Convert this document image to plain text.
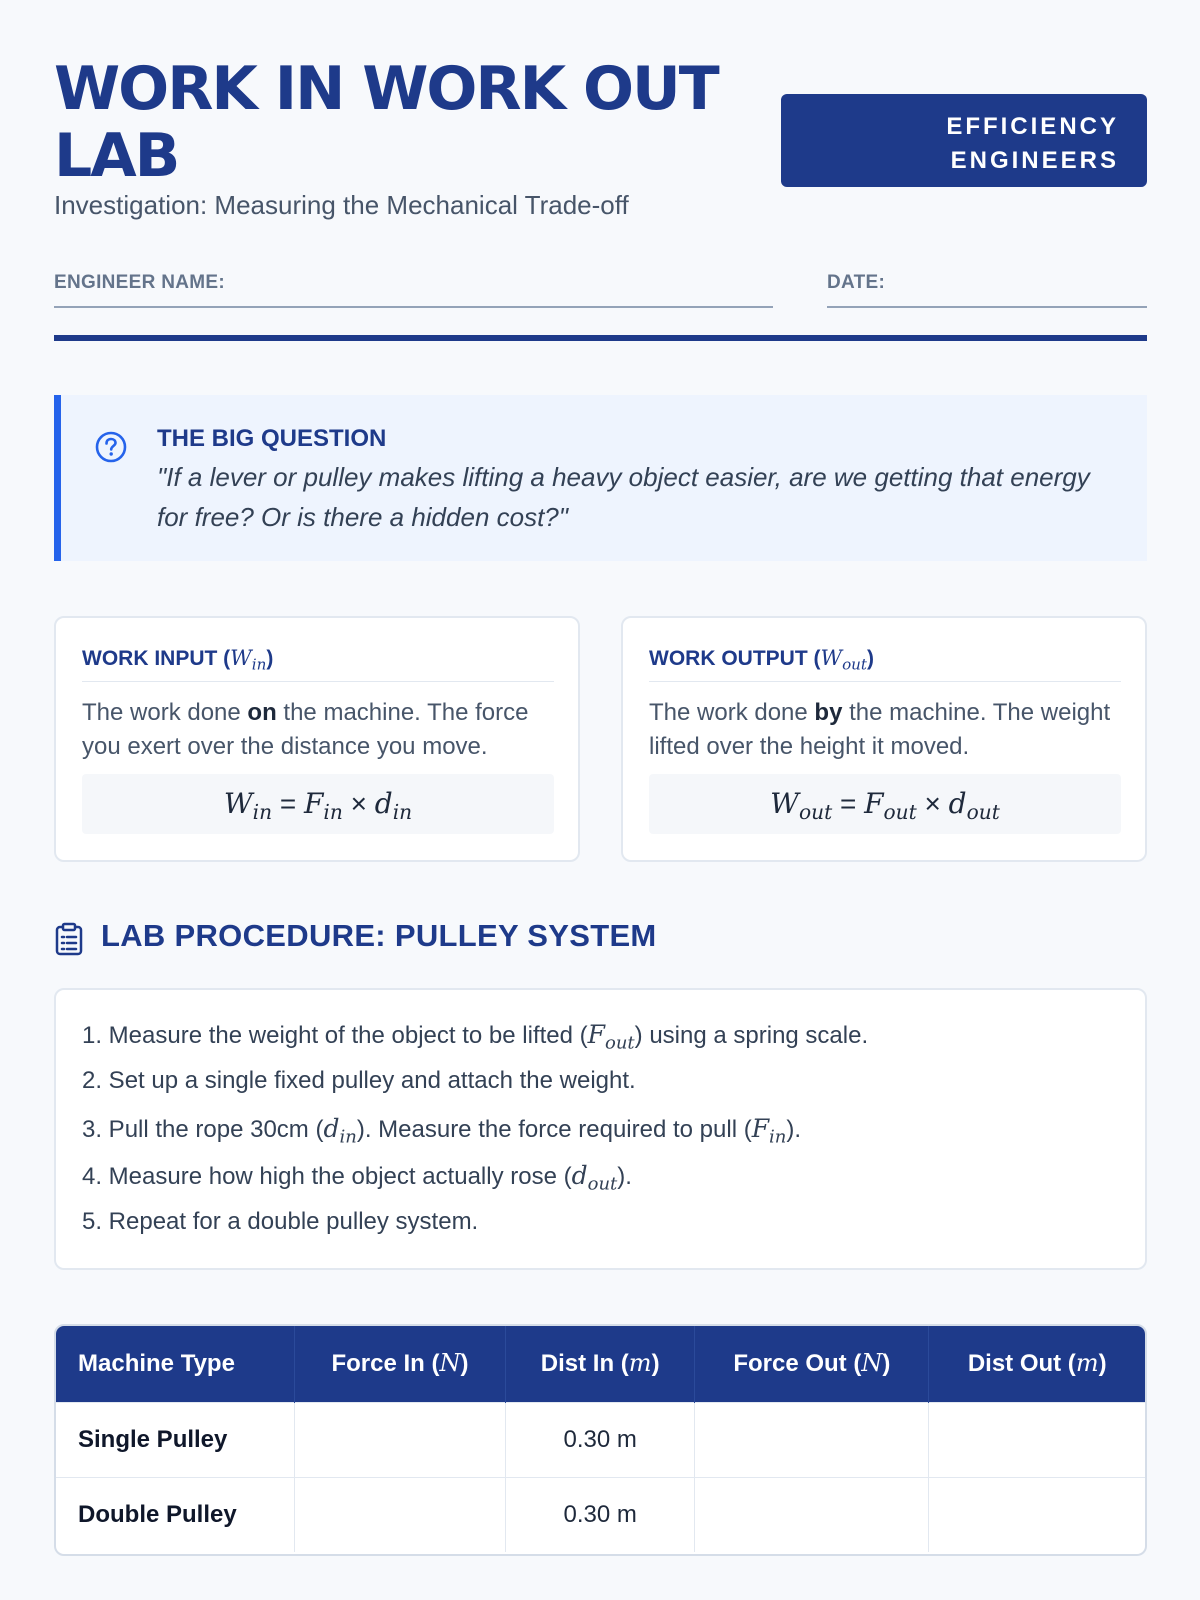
WORK IN WORK OUT LAB
Investigation: Measuring the Mechanical Trade-off
EFFICIENCY
ENGINEERS
ENGINEER NAME:	DATE:
THE BIG QUESTION
"If a lever or pulley makes lifting a heavy object easier, are we getting that energy for free? Or is there a hidden cost?"
WORK INPUT $(W_{in})$
The work done on the machine. The force you exert over the distance you move.
$W_{in} = F_{in} \times d_{in}$
WORK OUTPUT $(W_{out})$
The work done by the machine. The weight lifted over the height it moved.
$W_{out} = F_{out} \times d_{out}$
LAB PROCEDURE: PULLEY SYSTEM
1. Measure the weight of the object to be lifted $(F_{out})$ using a spring scale.
2. Set up a single fixed pulley and attach the weight.
3. Pull the rope 30cm $(d_{in})$. Measure the force required to pull $(F_{in})$.
4. Measure how high the object actually rose $(d_{out})$.
5. Repeat for a double pulley system.
Machine Type	Force In (N)	Dist In (m)	Force Out (N)	Dist Out (m)
Single Pulley		0.30 m		
Double Pulley		0.30 m		
